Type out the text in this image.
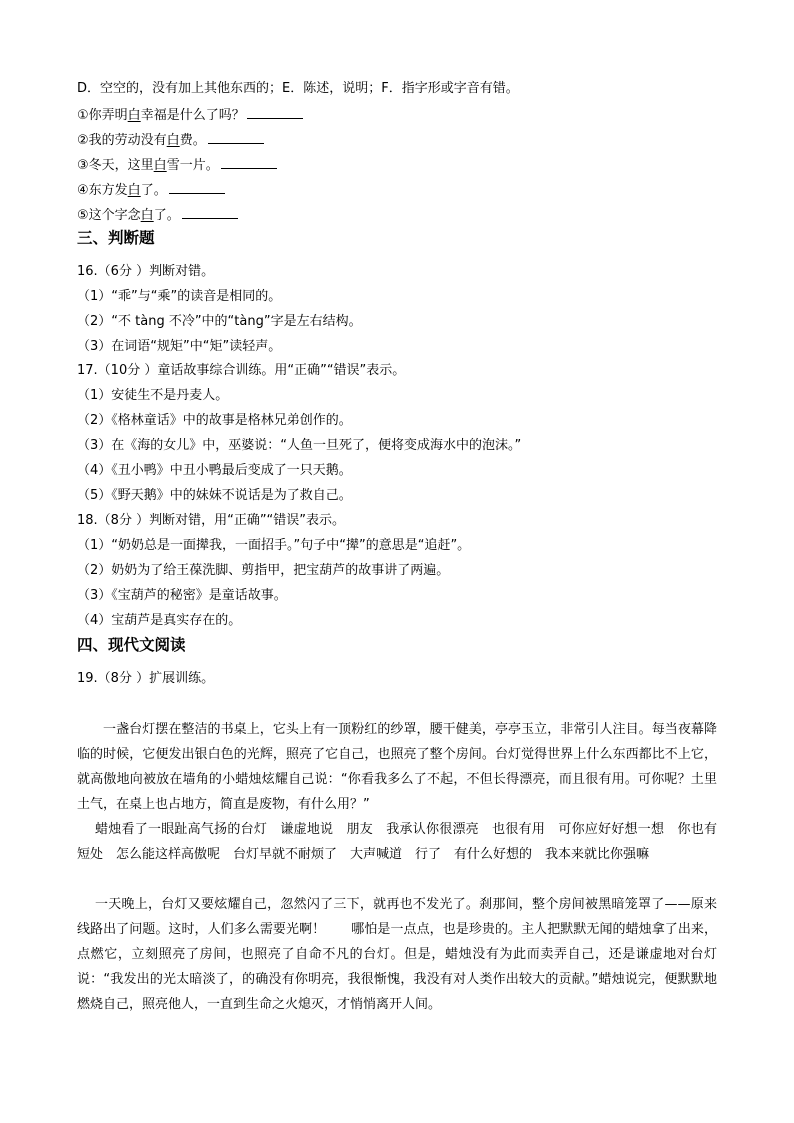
D．空空的，没有加上其他东西的；E．陈述，说明；F．指字形或字音有错。
①你弄明白幸福是什么了吗？
②我的劳动没有白费。
③冬天，这里白雪一片。
④东方发白了。
⑤这个字念白了。
三、判断题
16.（6分 ）判断对错。
（1）“乖”与“乘”的读音是相同的。
（2）“不 tàng 不冷”中的“tàng”字是左右结构。
（3）在词语“规矩”中“矩”读轻声。
17.（10分 ）童话故事综合训练。用“正确”“错误”表示。
（1）安徒生不是丹麦人。
（2）《格林童话》中的故事是格林兄弟创作的。
（3）在《海的女儿》中，巫婆说：“人鱼一旦死了，便将变成海水中的泡沫。”
（4）《丑小鸭》中丑小鸭最后变成了一只天鹅。
（5）《野天鹅》中的妹妹不说话是为了救自己。
18.（8分 ）判断对错，用“正确”“错误”表示。
（1）“奶奶总是一面撵我，一面招手。”句子中“撵”的意思是“追赶”。
（2）奶奶为了给王葆洗脚、剪指甲，把宝葫芦的故事讲了两遍。
（3）《宝葫芦的秘密》是童话故事。
（4）宝葫芦是真实存在的。
四、现代文阅读
19.（8分 ）扩展训练。

一盏台灯摆在整洁的书桌上，它头上有一顶粉红的纱罩，腰干健美，亭亭玉立，非常引人注目。每当夜幕降临的时候，它便发出银白色的光辉，照亮了它自己，也照亮了整个房间。台灯觉得世界上什么东西都比不上它，就高傲地向被放在墙角的小蜡烛炫耀自己说：“你看我多么了不起，不但长得漂亮，而且很有用。可你呢？土里土气，在桌上也占地方，简直是废物，有什么用？”

蜡烛看了一眼趾高气扬的台灯　谦虚地说　朋友　我承认你很漂亮　也很有用　可你应好好想一想　你也有短处　怎么能这样高傲呢　台灯早就不耐烦了　大声喊道　行了　有什么好想的　我本来就比你强嘛

一天晚上，台灯又要炫耀自己，忽然闪了三下，就再也不发光了。刹那间，整个房间被黑暗笼罩了——原来线路出了问题。这时，人们多么需要光啊！　　哪怕是一点点，也是珍贵的。主人把默默无闻的蜡烛拿了出来，点燃它，立刻照亮了房间，也照亮了自命不凡的台灯。但是，蜡烛没有为此而卖弄自己，还是谦虚地对台灯说：“我发出的光太暗淡了，的确没有你明亮，我很惭愧，我没有对人类作出较大的贡献。”蜡烛说完，便默默地燃烧自己，照亮他人，一直到生命之火熄灭，才悄悄离开人间。
